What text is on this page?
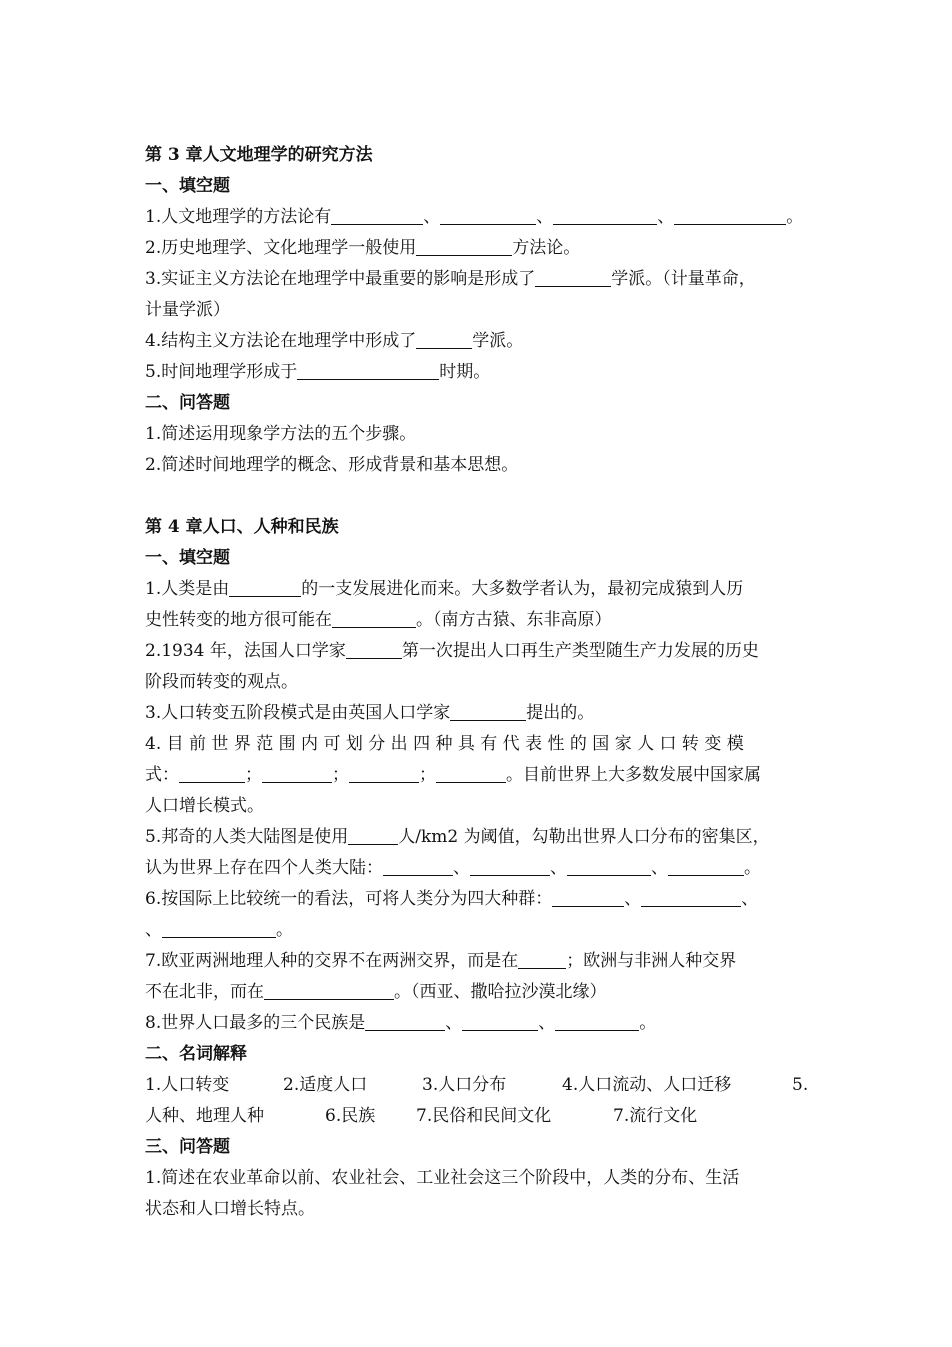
第 3 章人文地理学的研究方法
一、填空题
1.人文地理学的方法论有	、	、	、	。
2.历史地理学、文化地理学一般使用	方法论。
3.实证主义方法论在地理学中最重要的影响是形成了	学派。（计量革命，
计量学派）
4.结构主义方法论在地理学中形成了	学派。
5.时间地理学形成于	时期。
二、问答题
1.简述运用现象学方法的五个步骤。
2.简述时间地理学的概念、形成背景和基本思想。
第 4 章人口、人种和民族
一、填空题
1.人类是由	的一支发展进化而来。大多数学者认为，最初完成猿到人历
史性转变的地方很可能在	。（南方古猿、东非高原）
2.1934 年，法国人口学家	第一次提出人口再生产类型随生产力发展的历史
阶段而转变的观点。
3.人口转变五阶段模式是由英国人口学家	提出的。
4. 目 前 世 界 范 围 内 可 划 分 出 四 种 具 有 代 表 性 的 国 家 人 口 转 变 模
式：	；	；	；	。目前世界上大多数发展中国家属
人口增长模式。
5.邦奇的人类大陆图是使用	人/km2 为阈值，勾勒出世界人口分布的密集区，
认为世界上存在四个人类大陆：	、	、	、	。
6.按国际上比较统一的看法，可将人类分为四大种群：	、	、
、	。
7.欧亚两洲地理人种的交界不在两洲交界，而是在	；欧洲与非洲人种交界
不在北非，而在	。（西亚、撒哈拉沙漠北缘）
8.世界人口最多的三个民族是	、	、	。
二、名词解释
1.人口转变	2.适度人口	3.人口分布	4.人口流动、人口迁移	5.
人种、地理人种	6.民族 7.民俗和民间文化	7.流行文化
三、问答题
1.简述在农业革命以前、农业社会、工业社会这三个阶段中，人类的分布、生活
状态和人口增长特点。
